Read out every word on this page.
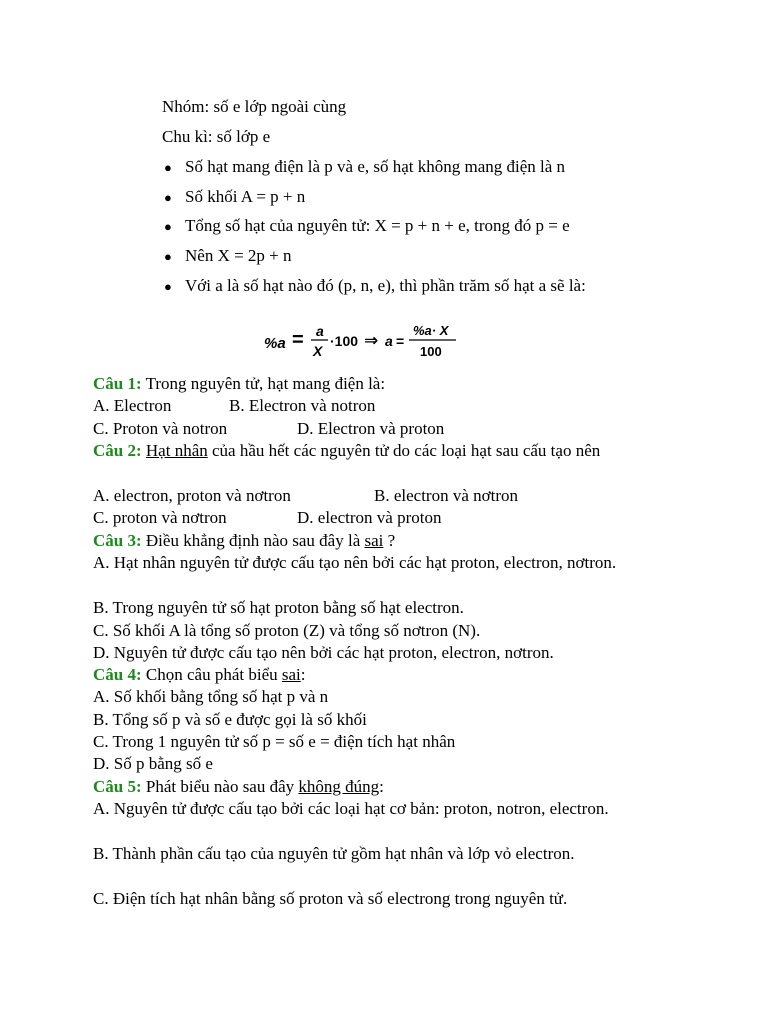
Nhóm: số e lớp ngoài cùng
Chu kì: số lớp e
● Số hạt mang điện là p và e, số hạt không mang điện là n
● Số khối A = p + n
● Tổng số hạt của nguyên tử: X = p + n + e, trong đó p = e
● Nên X = 2p + n
● Với a là số hạt nào đó (p, n, e), thì phần trăm số hạt a sẽ là:
%a = a
X
·100 ⇒ a =
%a· X
100
Câu 1: Trong nguyên tử, hạt mang điện là:
A. Electron	B. Electron và notron
C. Proton và notron	D. Electron và proton
Câu 2: Hạt nhân của hầu hết các nguyên tử do các loại hạt sau cấu tạo nên
A. electron, proton và nơtron	B. electron và nơtron
C. proton và nơtron	D. electron và proton
Câu 3: Điều khẳng định nào sau đây là sai ?
A. Hạt nhân nguyên tử được cấu tạo nên bởi các hạt proton, electron, nơtron.
B. Trong nguyên tử số hạt proton bằng số hạt electron.
C. Số khối A là tổng số proton (Z) và tổng số nơtron (N).
D. Nguyên tử được cấu tạo nên bởi các hạt proton, electron, nơtron.
Câu 4: Chọn câu phát biểu sai:
A. Số khối bằng tổng số hạt p và n
B. Tổng số p và số e được gọi là số khối
C. Trong 1 nguyên tử số p = số e = điện tích hạt nhân
D. Số p bằng số e
Câu 5: Phát biểu nào sau đây không đúng:
A. Nguyên tử được cấu tạo bởi các loại hạt cơ bản: proton, notron, electron.
B. Thành phần cấu tạo của nguyên tử gồm hạt nhân và lớp vỏ electron.
C. Điện tích hạt nhân bằng số proton và số electrong trong nguyên tử.
